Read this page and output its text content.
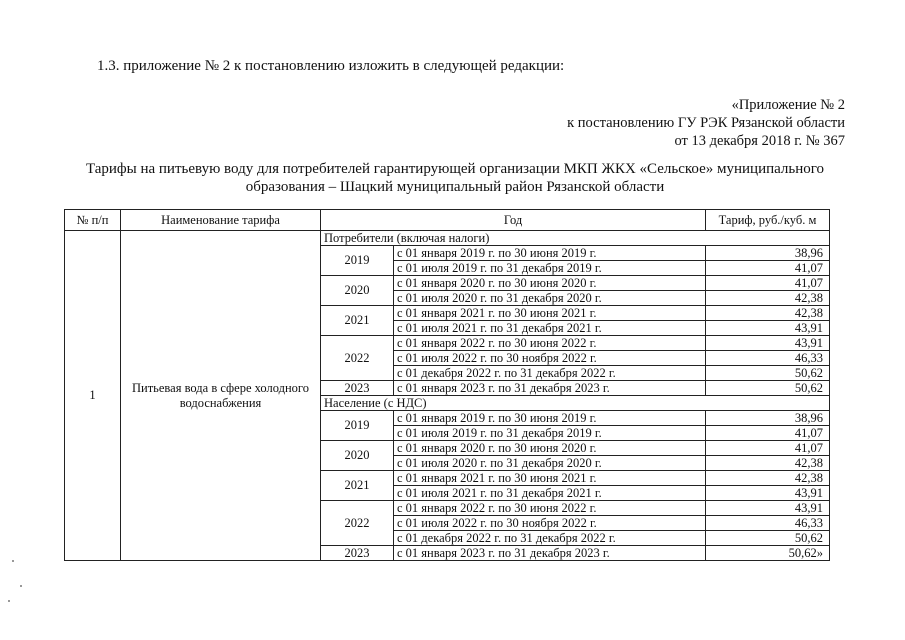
1.3. приложение № 2 к постановлению изложить в следующей редакции:
«Приложение № 2
к постановлению ГУ РЭК Рязанской области
от 13 декабря 2018 г. № 367
Тарифы на питьевую воду для потребителей гарантирующей организации МКП ЖКХ «Сельское» муниципального
образования – Шацкий муниципальный район Рязанской области
№ п/п	Наименование тарифа	Год		Тариф, руб./куб. м
1	Питьевая вода в сфере холодного водоснабжения	Потребители (включая налоги)		
		2019	с 01 января 2019 г. по 30 июня 2019 г.	38,96
			с 01 июля 2019 г. по 31 декабря 2019 г.	41,07
		2020	с 01 января 2020 г. по 30 июня 2020 г.	41,07
			с 01 июля 2020 г. по 31 декабря 2020 г.	42,38
		2021	с 01 января 2021 г. по 30 июня 2021 г.	42,38
			с 01 июля 2021 г. по 31 декабря 2021 г.	43,91
		2022	с 01 января 2022 г. по 30 июня 2022 г.	43,91
			с 01 июля 2022 г. по 30 ноября 2022 г.	46,33
			с 01 декабря 2022 г. по 31 декабря 2022 г.	50,62
		2023	с 01 января 2023 г. по 31 декабря 2023 г.	50,62
		Население (с НДС)		
		2019	с 01 января 2019 г. по 30 июня 2019 г.	38,96
			с 01 июля 2019 г. по 31 декабря 2019 г.	41,07
		2020	с 01 января 2020 г. по 30 июня 2020 г.	41,07
			с 01 июля 2020 г. по 31 декабря 2020 г.	42,38
		2021	с 01 января 2021 г. по 30 июня 2021 г.	42,38
			с 01 июля 2021 г. по 31 декабря 2021 г.	43,91
		2022	с 01 января 2022 г. по 30 июня 2022 г.	43,91
			с 01 июля 2022 г. по 30 ноября 2022 г.	46,33
			с 01 декабря 2022 г. по 31 декабря 2022 г.	50,62
		2023	с 01 января 2023 г. по 31 декабря 2023 г.	50,62»
